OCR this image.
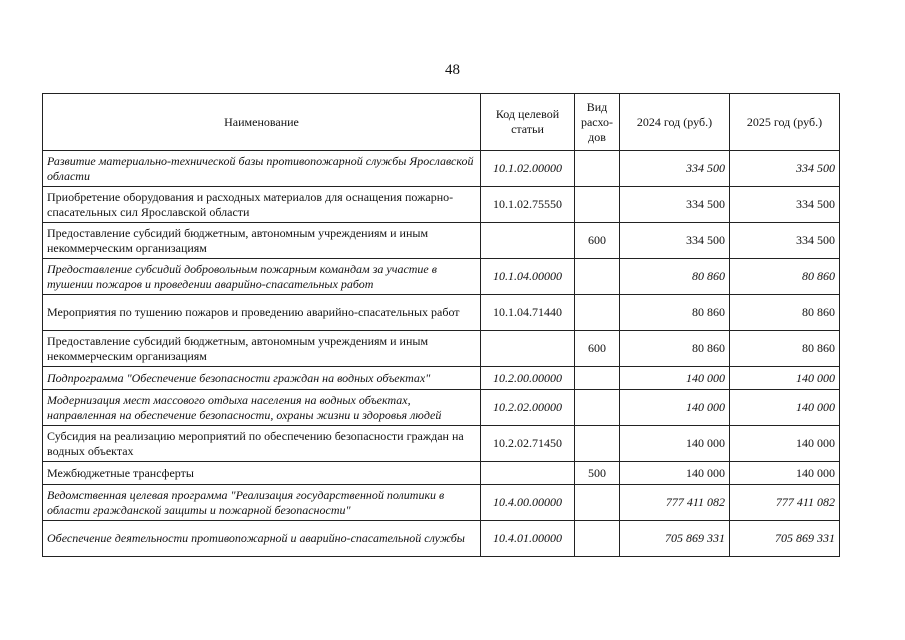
48
Наименование	Код целевой статьи	Вид расхо-дов	2024 год (руб.)	2025 год (руб.)
Развитие материально-технической базы противопожарной службы Ярославской области	10.1.02.00000		334 500	334 500
Приобретение оборудования и расходных материалов для оснащения пожарно-спасательных сил Ярославской области	10.1.02.75550		334 500	334 500
Предоставление субсидий бюджетным, автономным учреждениям и иным некоммерческим организациям		600	334 500	334 500
Предоставление субсидий добровольным пожарным командам за участие в тушении пожаров и проведении аварийно-спасательных работ	10.1.04.00000		80 860	80 860
Мероприятия по тушению пожаров и проведению аварийно-спасательных работ	10.1.04.71440		80 860	80 860
Предоставление субсидий бюджетным, автономным учреждениям и иным некоммерческим организациям		600	80 860	80 860
Подпрограмма "Обеспечение безопасности граждан на водных объектах"	10.2.00.00000		140 000	140 000
Модернизация мест массового отдыха населения на водных объектах, направленная на обеспечение безопасности, охраны жизни и здоровья людей	10.2.02.00000		140 000	140 000
Субсидия на реализацию мероприятий по обеспечению безопасности граждан на водных объектах	10.2.02.71450		140 000	140 000
Межбюджетные трансферты		500	140 000	140 000
Ведомственная целевая программа "Реализация государственной политики в области гражданской защиты и пожарной безопасности"	10.4.00.00000		777 411 082	777 411 082
Обеспечение деятельности противопожарной и аварийно-спасательной службы	10.4.01.00000		705 869 331	705 869 331
